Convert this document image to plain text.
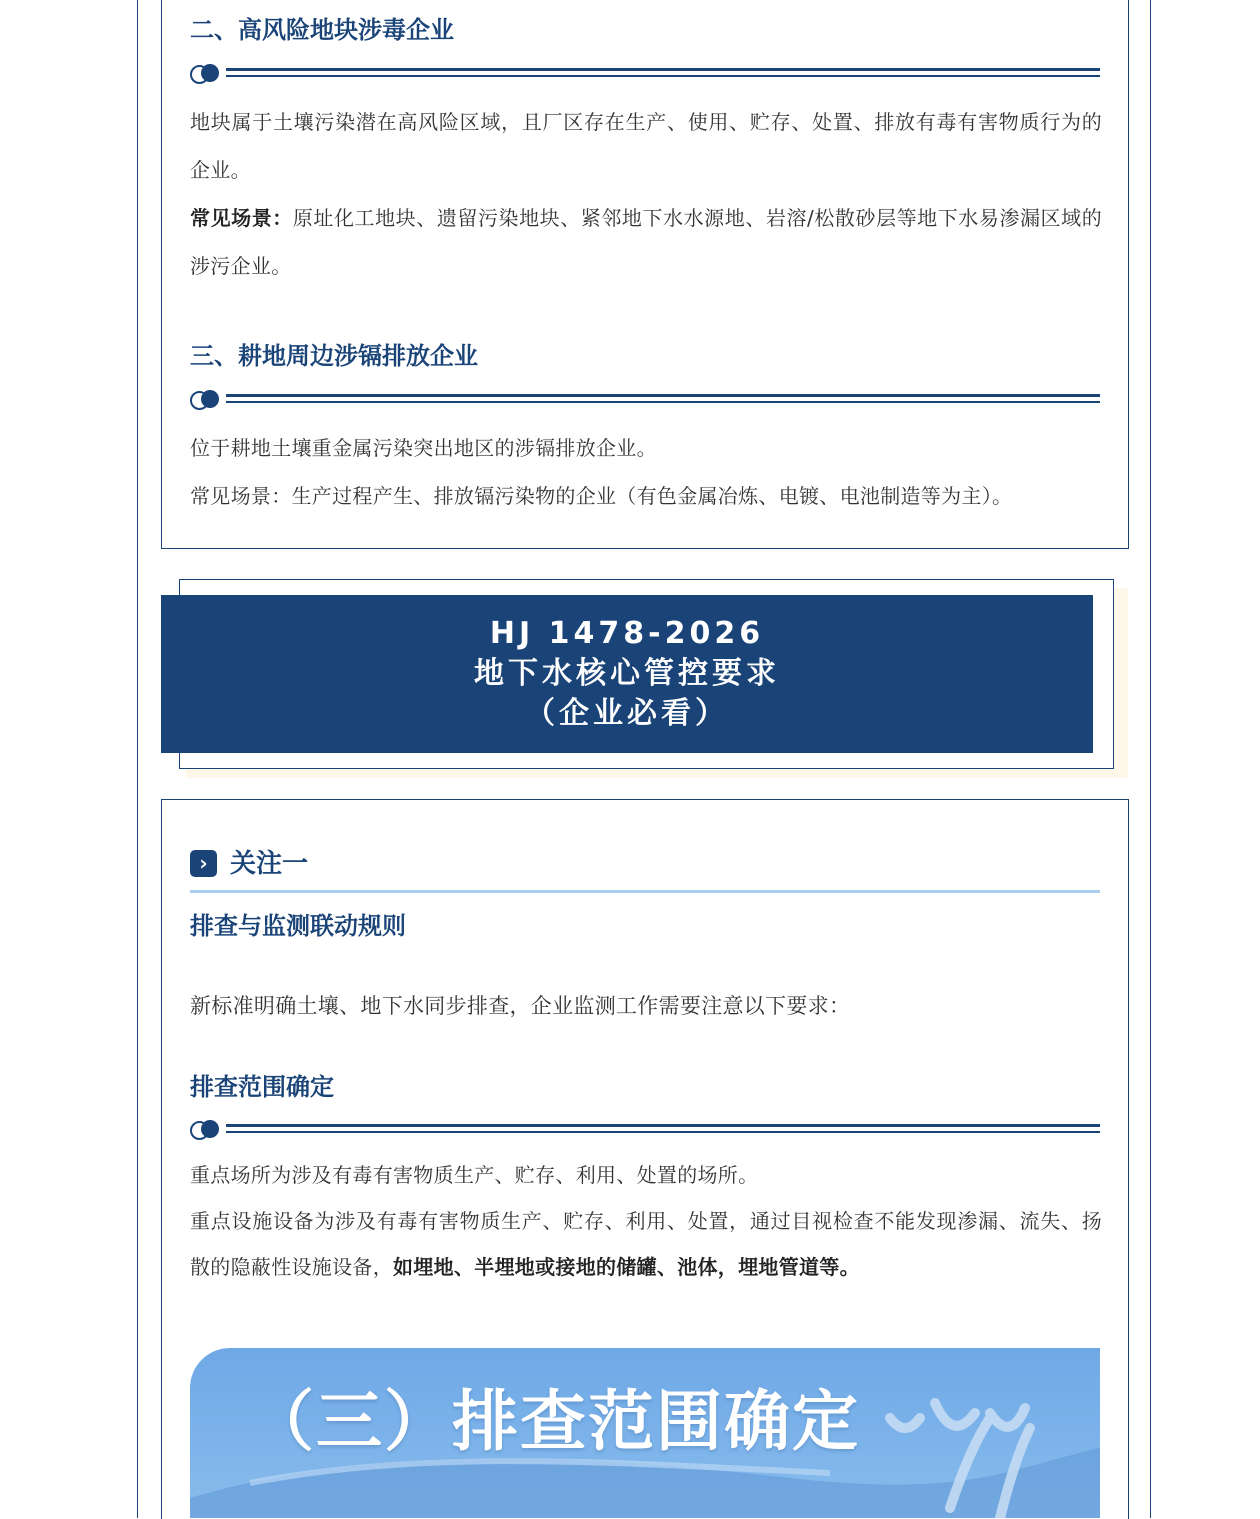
二、高风险地块涉毒企业

地块属于土壤污染潜在高风险区域，且厂区存在生产、使用、贮存、处置、排放有毒有害物质行为的企业。

常见场景：原址化工地块、遗留污染地块、紧邻地下水水源地、岩溶/松散砂层等地下水易渗漏区域的涉污企业。

三、耕地周边涉镉排放企业

位于耕地土壤重金属污染突出地区的涉镉排放企业。

常见场景：生产过程产生、排放镉污染物的企业（有色金属冶炼、电镀、电池制造等为主）。

HJ 1478-2026
地下水核心管控要求
（企业必看）
› 关注一
排查与监测联动规则

新标准明确土壤、地下水同步排查，企业监测工作需要注意以下要求：

排查范围确定

重点场所为涉及有毒有害物质生产、贮存、利用、处置的场所。

重点设施设备为涉及有毒有害物质生产、贮存、利用、处置，通过目视检查不能发现渗漏、流失、扬散的隐蔽性设施设备，如埋地、半埋地或接地的储罐、池体，埋地管道等。

（三）排查范围确定
